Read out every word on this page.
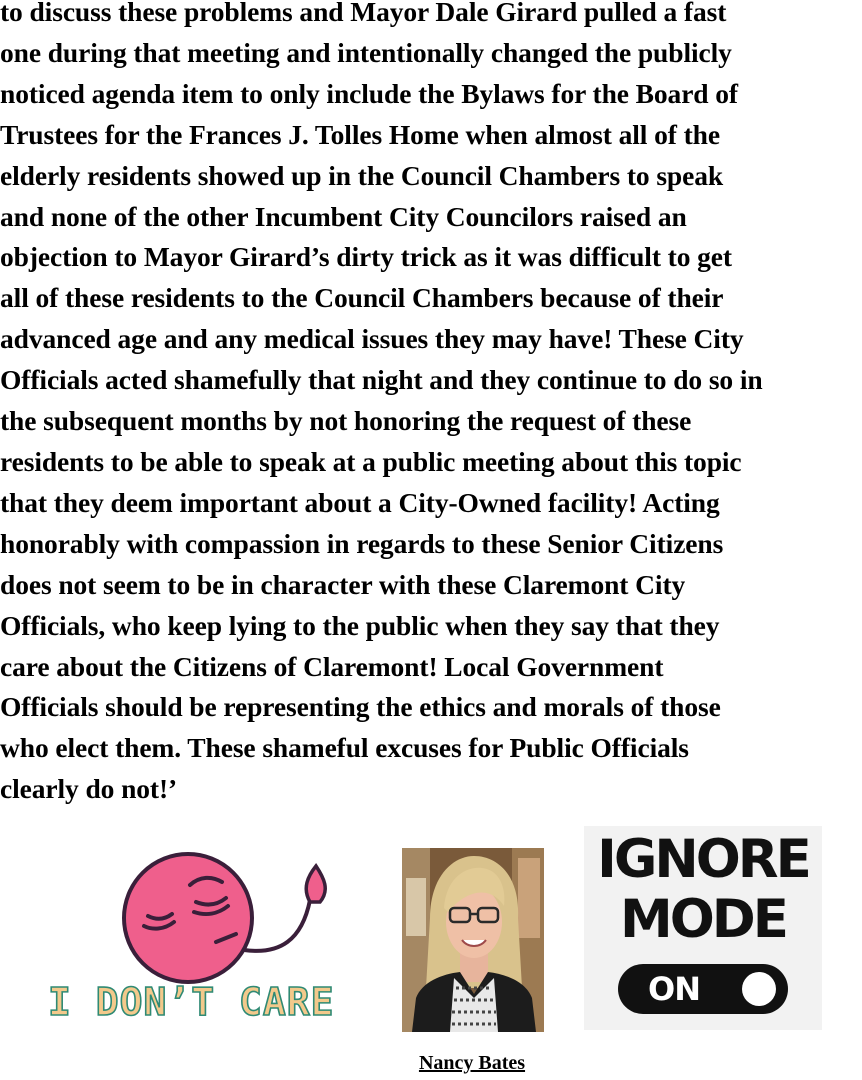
to discuss these problems and Mayor Dale Girard pulled a fast
one during that meeting and intentionally changed the publicly
noticed agenda item to only include the Bylaws for the Board of
Trustees for the Frances J. Tolles Home when almost all of the
elderly residents showed up in the Council Chambers to speak
and none of the other Incumbent City Councilors raised an
objection to Mayor Girard’s dirty trick as it was difficult to get
all of these residents to the Council Chambers because of their
advanced age and any medical issues they may have! These City
Officials acted shamefully that night and they continue to do so in
the subsequent months by not honoring the request of these
residents to be able to speak at a public meeting about this topic
that they deem important about a City-Owned facility! Acting
honorably with compassion in regards to these Senior Citizens
does not seem to be in character with these Claremont City
Officials, who keep lying to the public when they say that they
care about the Citizens of Claremont! Local Government
Officials should be representing the ethics and morals of those
who elect them. These shameful excuses for Public Officials
clearly do not!’
I DON’T CARE
Nancy Bates
IGNORE
MODE
ON
